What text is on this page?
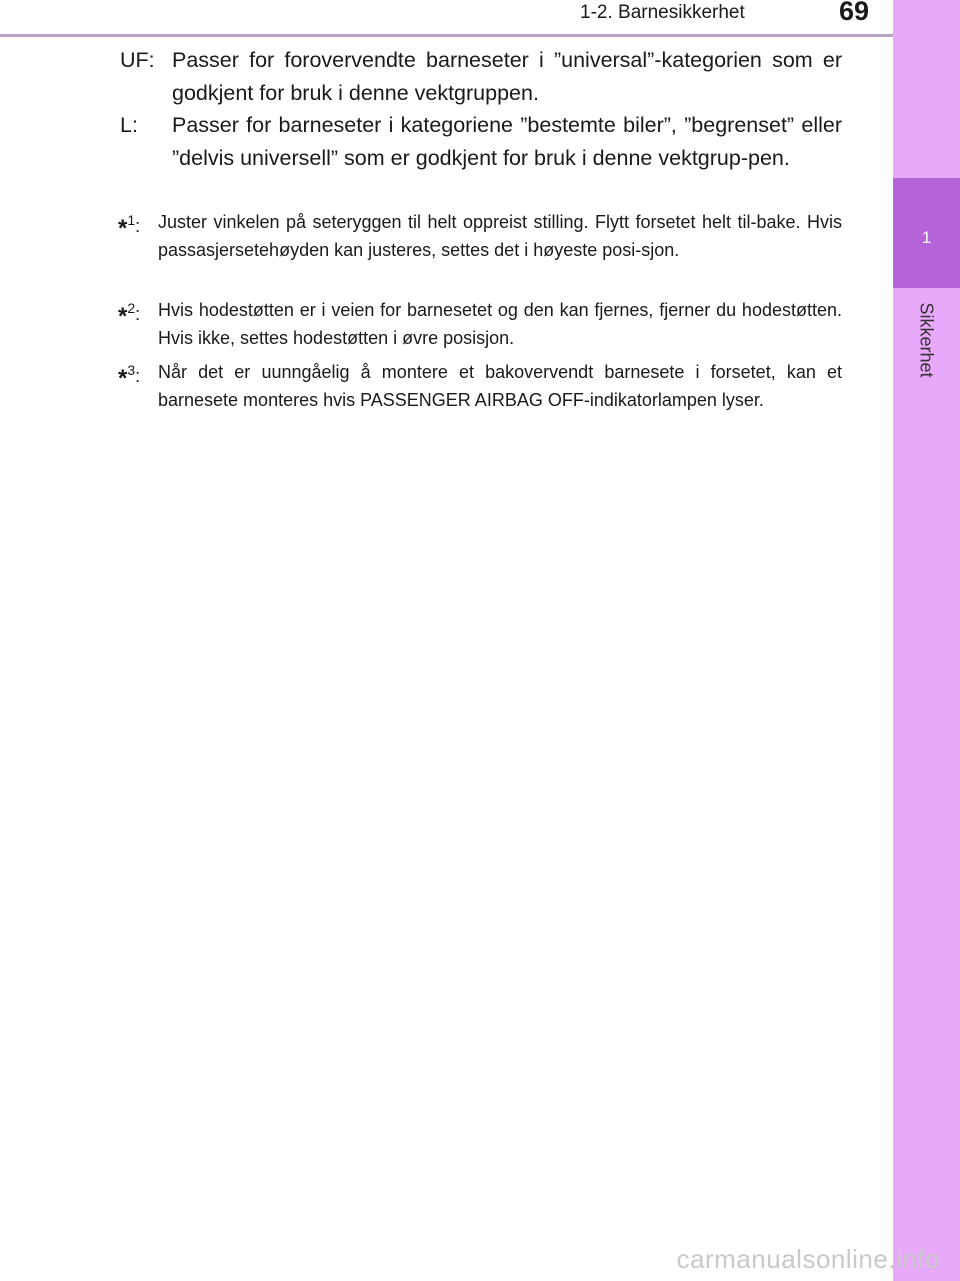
1-2. Barnesikkerhet	69
1
Sikkerhet
UF: Passer for forovervendte barneseter i ”universal”-kategorien som er godkjent for bruk i denne vektgruppen.
L:	Passer for barneseter i kategoriene ”bestemte biler”, ”begrenset” eller ”delvis universell” som er godkjent for bruk i denne vektgrup-pen.
*$^1$: Juster vinkelen på seteryggen til helt oppreist stilling. Flytt forsetet helt til-bake. Hvis passasjersetehøyden kan justeres, settes det i høyeste posi-sjon.
*$^2$: Hvis hodestøtten er i veien for barnesetet og den kan fjernes, fjerner du hodestøtten. Hvis ikke, settes hodestøtten i øvre posisjon.
*$^3$: Når det er uunngåelig å montere et bakovervendt barnesete i forsetet, kan et barnesete monteres hvis PASSENGER AIRBAG OFF-indikatorlampen lyser.
carmanualsonline.info
